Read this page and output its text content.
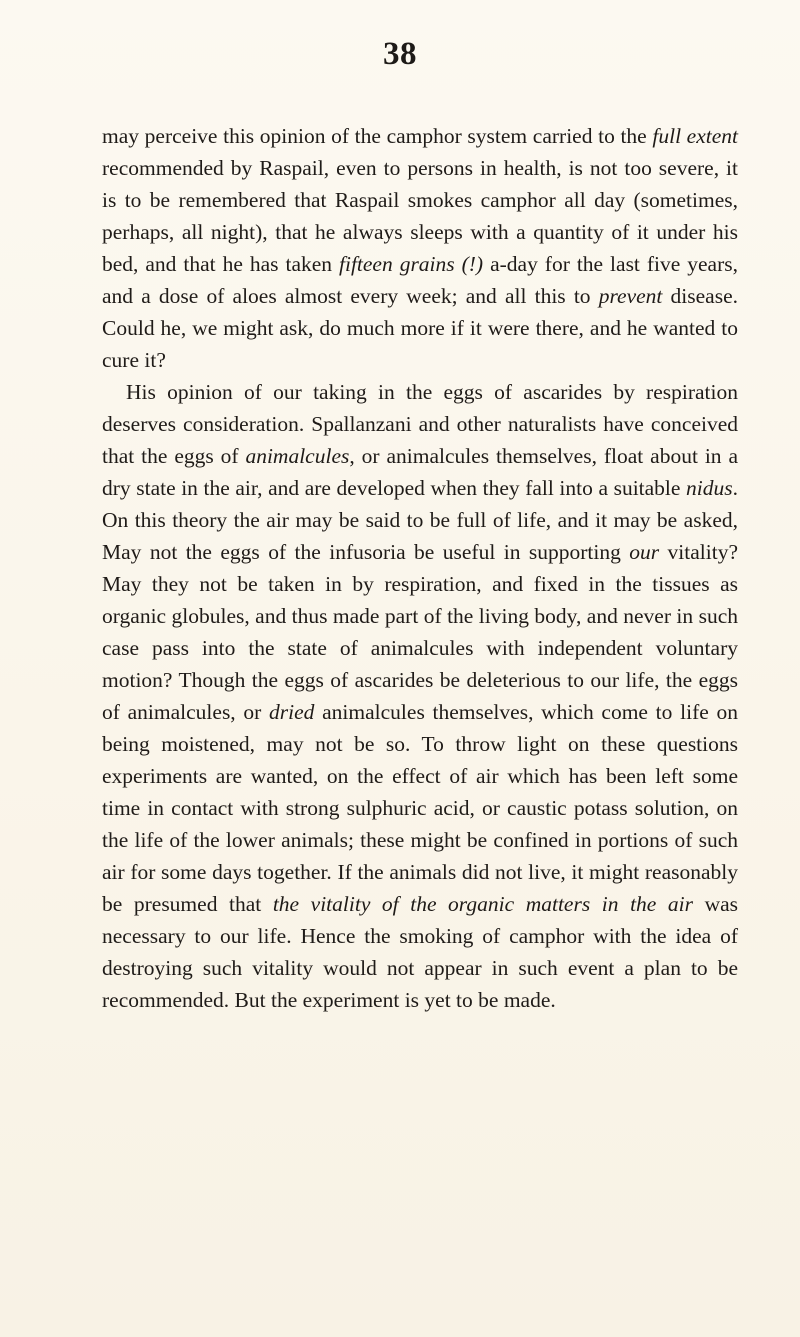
38

may perceive this opinion of the camphor system carried to the full extent recommended by Raspail, even to persons in health, is not too severe, it is to be remembered that Raspail smokes camphor all day (sometimes, perhaps, all night), that he always sleeps with a quantity of it under his bed, and that he has taken fifteen grains (!) a-day for the last five years, and a dose of aloes almost every week; and all this to prevent disease. Could he, we might ask, do much more if it were there, and he wanted to cure it?

His opinion of our taking in the eggs of ascarides by respiration deserves consideration. Spallanzani and other naturalists have conceived that the eggs of animalcules, or animalcules themselves, float about in a dry state in the air, and are developed when they fall into a suitable nidus. On this theory the air may be said to be full of life, and it may be asked, May not the eggs of the infusoria be useful in supporting our vitality? May they not be taken in by respiration, and fixed in the tissues as organic globules, and thus made part of the living body, and never in such case pass into the state of animalcules with independent voluntary motion? Though the eggs of ascarides be deleterious to our life, the eggs of animalcules, or dried animalcules themselves, which come to life on being moistened, may not be so. To throw light on these questions experiments are wanted, on the effect of air which has been left some time in contact with strong sulphuric acid, or caustic potass solution, on the life of the lower animals; these might be confined in portions of such air for some days together. If the animals did not live, it might reasonably be presumed that the vitality of the organic matters in the air was necessary to our life. Hence the smoking of camphor with the idea of destroying such vitality would not appear in such event a plan to be recommended. But the experiment is yet to be made.
